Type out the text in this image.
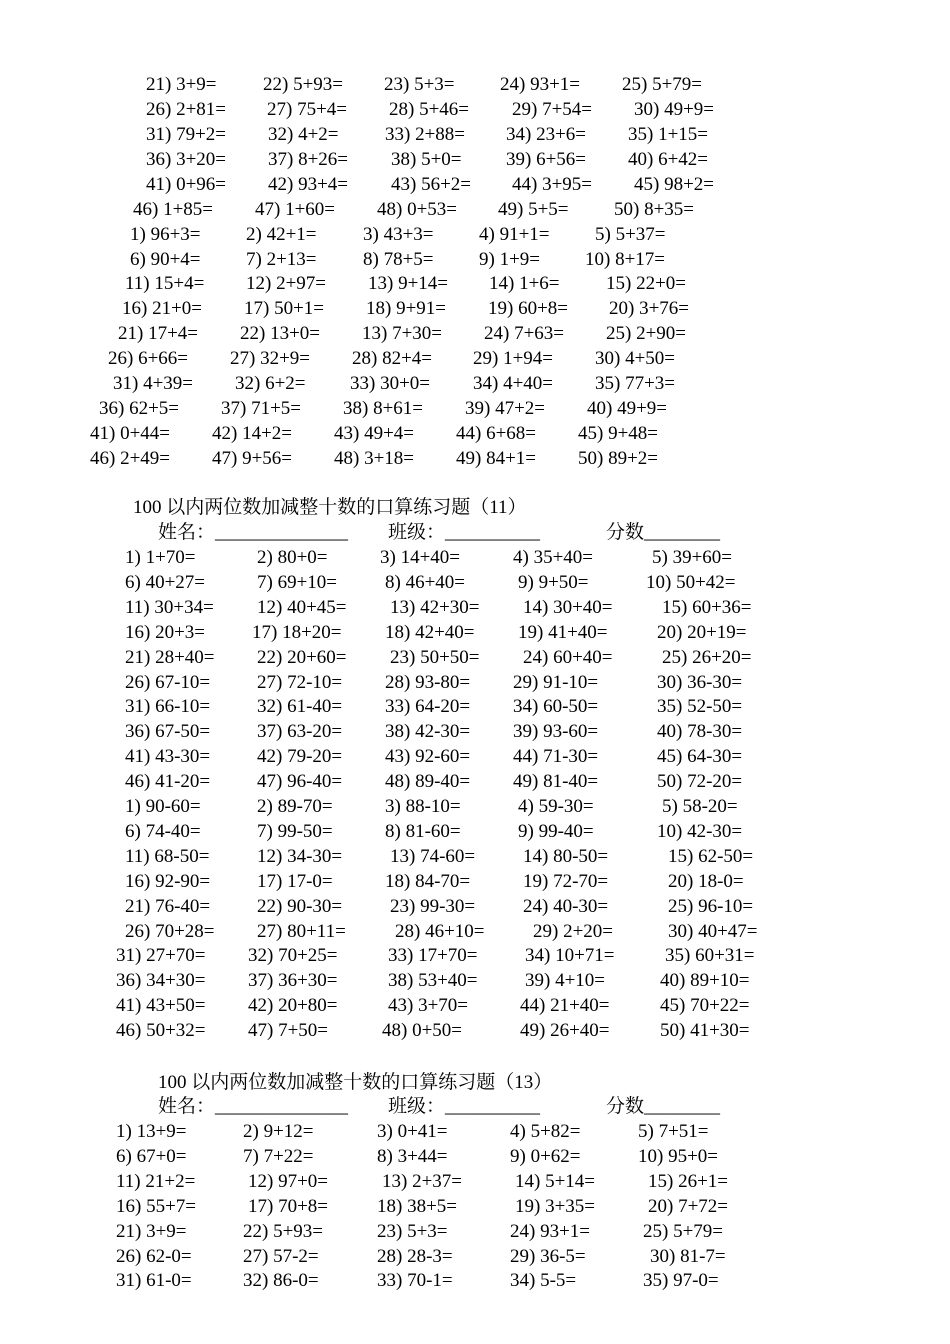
21) 3+9= 22) 5+93= 23) 5+3= 24) 93+1= 25) 5+79=
26) 2+81= 27) 75+4= 28) 5+46= 29) 7+54= 30) 49+9=
31) 79+2= 32) 4+2= 33) 2+88= 34) 23+6= 35) 1+15=
36) 3+20= 37) 8+26= 38) 5+0= 39) 6+56= 40) 6+42=
41) 0+96= 42) 93+4= 43) 56+2= 44) 3+95= 45) 98+2=
46) 1+85= 47) 1+60= 48) 0+53= 49) 5+5= 50) 8+35=
1) 96+3= 2) 42+1= 3) 43+3= 4) 91+1= 5) 5+37=
6) 90+4= 7) 2+13= 8) 78+5= 9) 1+9= 10) 8+17=
11) 15+4= 12) 2+97= 13) 9+14= 14) 1+6= 15) 22+0=
16) 21+0= 17) 50+1= 18) 9+91= 19) 60+8= 20) 3+76=
21) 17+4= 22) 13+0= 13) 7+30= 24) 7+63= 25) 2+90=
26) 6+66= 27) 32+9= 28) 82+4= 29) 1+94= 30) 4+50=
31) 4+39= 32) 6+2= 33) 30+0= 34) 4+40= 35) 77+3=
36) 62+5= 37) 71+5= 38) 8+61= 39) 47+2= 40) 49+9=
41) 0+44= 42) 14+2= 43) 49+4= 44) 6+68= 45) 9+48=
46) 2+49= 47) 9+56= 48) 3+18= 49) 84+1= 50) 89+2=
100 以内两位数加减整十数的口算练习题（11）
姓名：______________ 班级：__________	分数________
1) 1+70=	2) 80+0=	3) 14+40=	4) 35+40=	5) 39+60=
6) 40+27=	7) 69+10=	8) 46+40=	9) 9+50=	10) 50+42=
11) 30+34= 12) 40+45= 13) 42+30= 14) 30+40=	15) 60+36=
16) 20+3= 17) 18+20= 18) 42+40= 19) 41+40=	20) 20+19=
21) 28+40= 22) 20+60= 23) 50+50= 24) 60+40=	25) 26+20=
26) 67-10= 27) 72-10= 28) 93-80= 29) 91-10=	30) 36-30=
31) 66-10= 32) 61-40= 33) 64-20= 34) 60-50=	35) 52-50=
36) 67-50= 37) 63-20= 38) 42-30= 39) 93-60=	40) 78-30=
41) 43-30= 42) 79-20= 43) 92-60= 44) 71-30=	45) 64-30=
46) 41-20= 47) 96-40= 48) 89-40= 49) 81-40=	50) 72-20=
1) 90-60=	2) 89-70=	3) 88-10=	4) 59-30=	5) 58-20=
6) 74-40=	7) 99-50=	8) 81-60=	9) 99-40=	10) 42-30=
11) 68-50=	12) 34-30=	13) 74-60=	14) 80-50=	15) 62-50=
16) 92-90= 17) 17-0=	18) 84-70=	19) 72-70=	20) 18-0=
21) 76-40= 22) 90-30=	23) 99-30=	24) 40-30=	25) 96-10=
26) 70+28= 27) 80+11=	28) 46+10=	29) 2+20=	30) 40+47=
31) 27+70= 32) 70+25=	33) 17+70= 34) 10+71=	35) 60+31=
36) 34+30= 37) 36+30=	38) 53+40= 39) 4+10=	40) 89+10=
41) 43+50= 42) 20+80=	43) 3+70=	44) 21+40=	45) 70+22=
46) 50+32= 47) 7+50=	48) 0+50=	49) 26+40=	50) 41+30=
100 以内两位数加减整十数的口算练习题（13）
姓名：______________ 班级：__________	分数________
1) 13+9=	2) 9+12=	3) 0+41=	4) 5+82=	5) 7+51=
6) 67+0=	7) 7+22=	8) 3+44=	9) 0+62=	10) 95+0=
11) 21+2=	12) 97+0=	13) 2+37=	14) 5+14=	15) 26+1=
16) 55+7=	17) 70+8=	18) 38+5=	19) 3+35=	20) 7+72=
21) 3+9=	22) 5+93=	23) 5+3=	24) 93+1=	25) 5+79=
26) 62-0=	27) 57-2=	28) 28-3=	29) 36-5=	30) 81-7=
31) 61-0=	32) 86-0=	33) 70-1=	34) 5-5=	35) 97-0=
